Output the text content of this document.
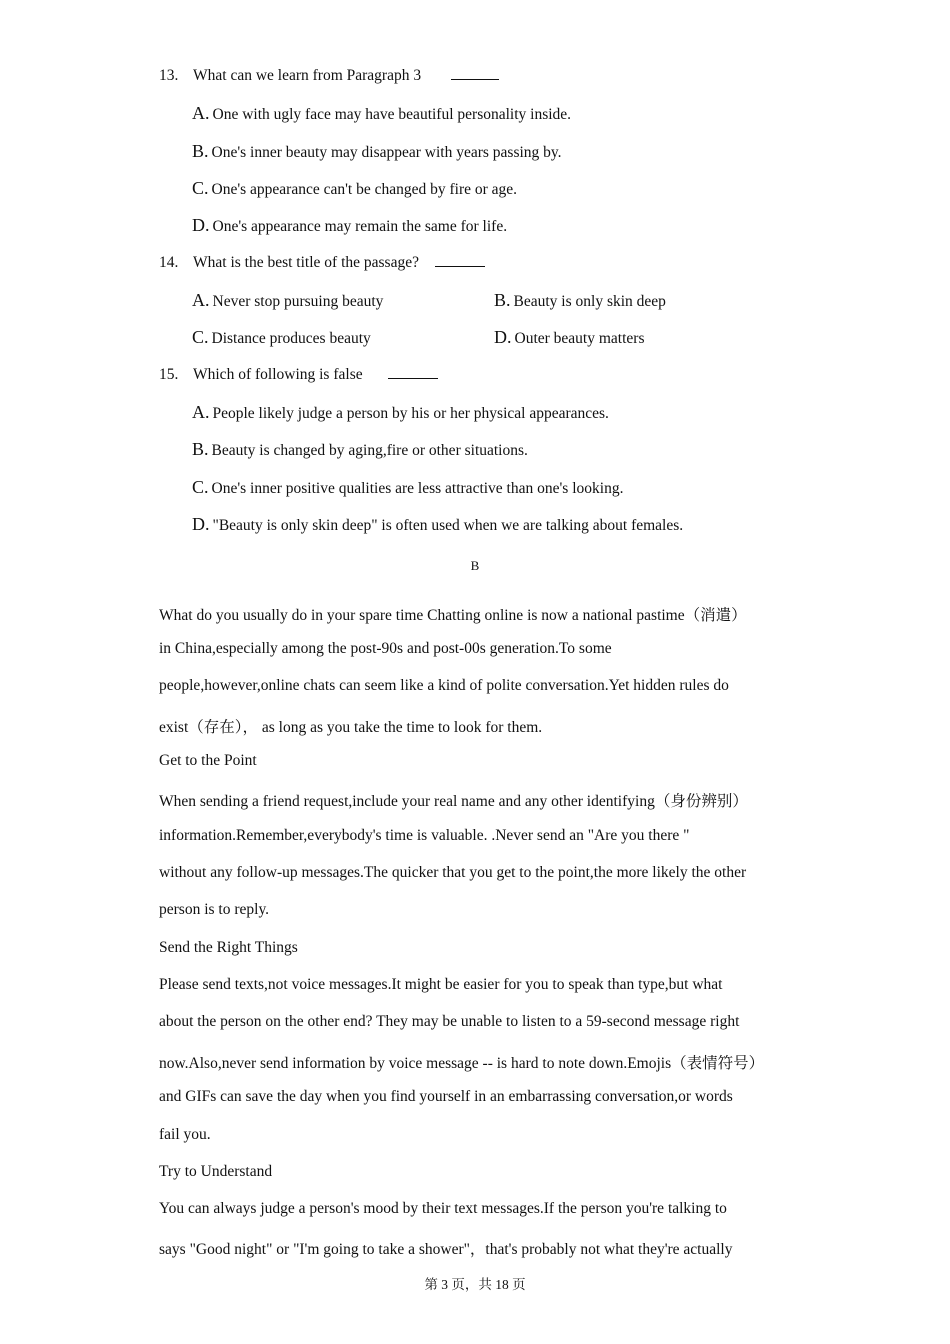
13. What can we learn from Paragraph 3
A. One with ugly face may have beautiful personality inside.
B. One's inner beauty may disappear with years passing by.
C. One's appearance can't be changed by fire or age.
D. One's appearance may remain the same for life.
14. What is the best title of the passage?
A. Never stop pursuing beauty	B. Beauty is only skin deep
C. Distance produces beauty	D. Outer beauty matters
15. Which of following is false
A. People likely judge a person by his or her physical appearances.
B. Beauty is changed by aging,fire or other situations.
C. One's inner positive qualities are less attractive than one's looking.
D. "Beauty is only skin deep" is often used when we are talking about females.
B
What do you usually do in your spare time Chatting online is now a national pastime（消遣）
in China,especially among the post-90s and post-00s generation.To some
people,however,online chats can seem like a kind of polite conversation.Yet hidden rules do
exist（存在）， as long as you take the time to look for them.
Get to the Point
When sending a friend request,include your real name and any other identifying（身份辨别）
information.Remember,everybody's time is valuable. .Never send an "Are you there "
without any follow-up messages.The quicker that you get to the point,the more likely the other
person is to reply.
Send the Right Things
Please send texts,not voice messages.It might be easier for you to speak than type,but what
about the person on the other end? They may be unable to listen to a 59-second message right
now.Also,never send information by voice message -- is hard to note down.Emojis（表情符号）
and GIFs can save the day when you find yourself in an embarrassing conversation,or words
fail you.
Try to Understand
You can always judge a person's mood by their text messages.If the person you're talking to
says "Good night" or "I'm going to take a shower"，that's probably not what they're actually
第 3 页，共 18 页
